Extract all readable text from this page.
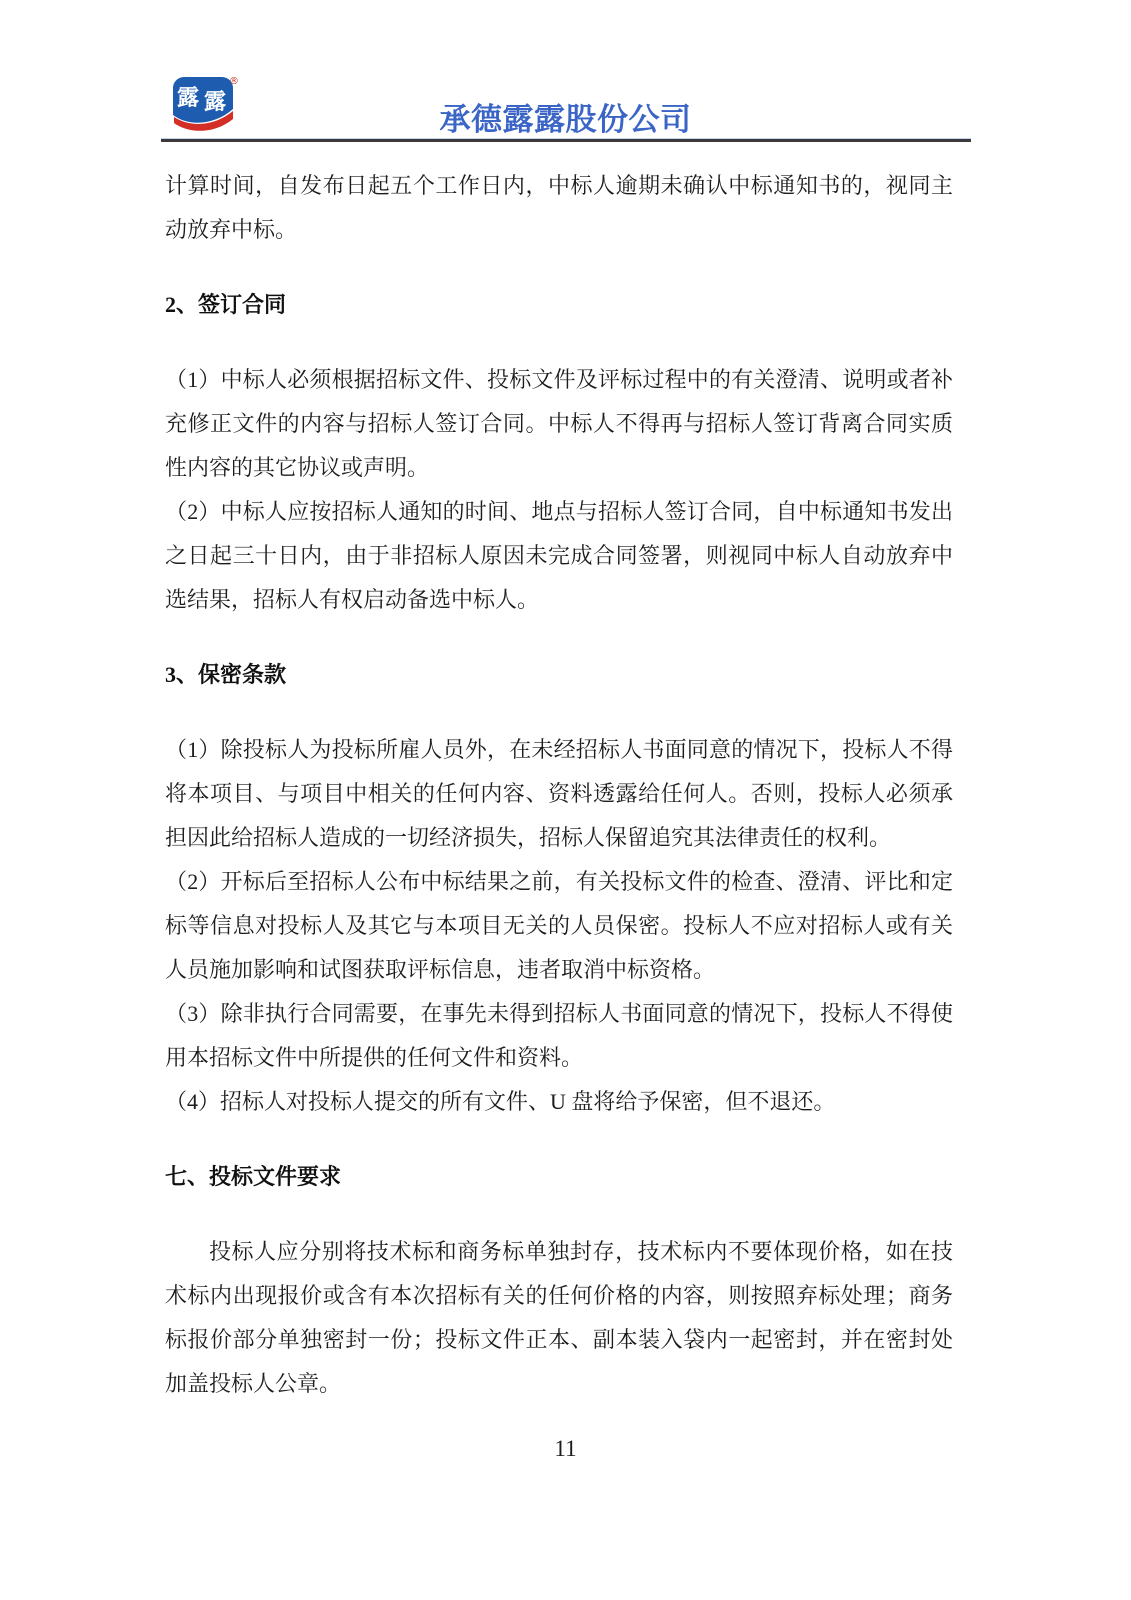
露 露
®
承德露露股份公司

计算时间，自发布日起五个工作日内，中标人逾期未确认中标通知书的，视同主动放弃中标。

2、签订合同

（1）中标人必须根据招标文件、投标文件及评标过程中的有关澄清、说明或者补充修正文件的内容与招标人签订合同。中标人不得再与招标人签订背离合同实质性内容的其它协议或声明。

（2）中标人应按招标人通知的时间、地点与招标人签订合同，自中标通知书发出之日起三十日内，由于非招标人原因未完成合同签署，则视同中标人自动放弃中选结果，招标人有权启动备选中标人。

3、保密条款

（1）除投标人为投标所雇人员外，在未经招标人书面同意的情况下，投标人不得将本项目、与项目中相关的任何内容、资料透露给任何人。否则，投标人必须承担因此给招标人造成的一切经济损失，招标人保留追究其法律责任的权利。

（2）开标后至招标人公布中标结果之前，有关投标文件的检查、澄清、评比和定标等信息对投标人及其它与本项目无关的人员保密。投标人不应对招标人或有关人员施加影响和试图获取评标信息，违者取消中标资格。

（3）除非执行合同需要，在事先未得到招标人书面同意的情况下，投标人不得使用本招标文件中所提供的任何文件和资料。

（4）招标人对投标人提交的所有文件、U 盘将给予保密，但不退还。

七、投标文件要求

投标人应分别将技术标和商务标单独封存，技术标内不要体现价格，如在技术标内出现报价或含有本次招标有关的任何价格的内容，则按照弃标处理；商务标报价部分单独密封一份；投标文件正本、副本装入袋内一起密封，并在密封处加盖投标人公章。

11
